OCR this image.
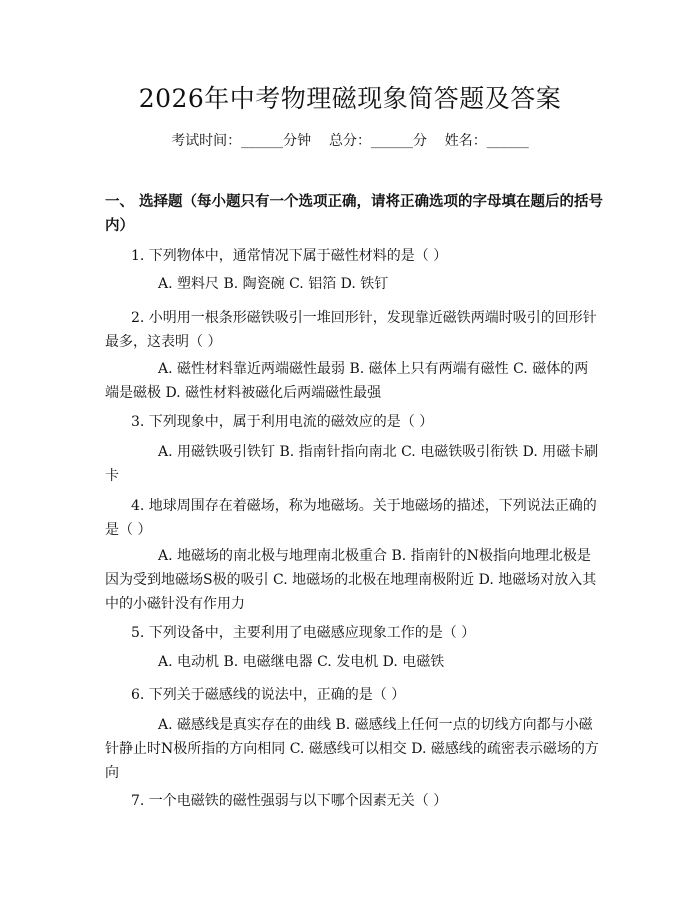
2026年中考物理磁现象简答题及答案
考试时间：______分钟    总分：______分    姓名：______
一、 选择题（每小题只有一个选项正确，请将正确选项的字母填在题后的括号内）
1. 下列物体中，通常情况下属于磁性材料的是（ ）
A. 塑料尺 B. 陶瓷碗 C. 铝箔 D. 铁钉
2. 小明用一根条形磁铁吸引一堆回形针，发现靠近磁铁两端时吸引的回形针最多，这表明（ ）
A. 磁性材料靠近两端磁性最弱 B. 磁体上只有两端有磁性 C. 磁体的两端是磁极 D. 磁性材料被磁化后两端磁性最强
3. 下列现象中，属于利用电流的磁效应的是（ ）
A. 用磁铁吸引铁钉 B. 指南针指向南北 C. 电磁铁吸引衔铁 D. 用磁卡刷卡
4. 地球周围存在着磁场，称为地磁场。关于地磁场的描述，下列说法正确的是（ ）
A. 地磁场的南北极与地理南北极重合 B. 指南针的N极指向地理北极是因为受到地磁场S极的吸引 C. 地磁场的北极在地理南极附近 D. 地磁场对放入其中的小磁针没有作用力
5. 下列设备中，主要利用了电磁感应现象工作的是（ ）
A. 电动机 B. 电磁继电器 C. 发电机 D. 电磁铁
6. 下列关于磁感线的说法中，正确的是（ ）
A. 磁感线是真实存在的曲线 B. 磁感线上任何一点的切线方向都与小磁针静止时N极所指的方向相同 C. 磁感线可以相交 D. 磁感线的疏密表示磁场的方向
7. 一个电磁铁的磁性强弱与以下哪个因素无关（ ）
